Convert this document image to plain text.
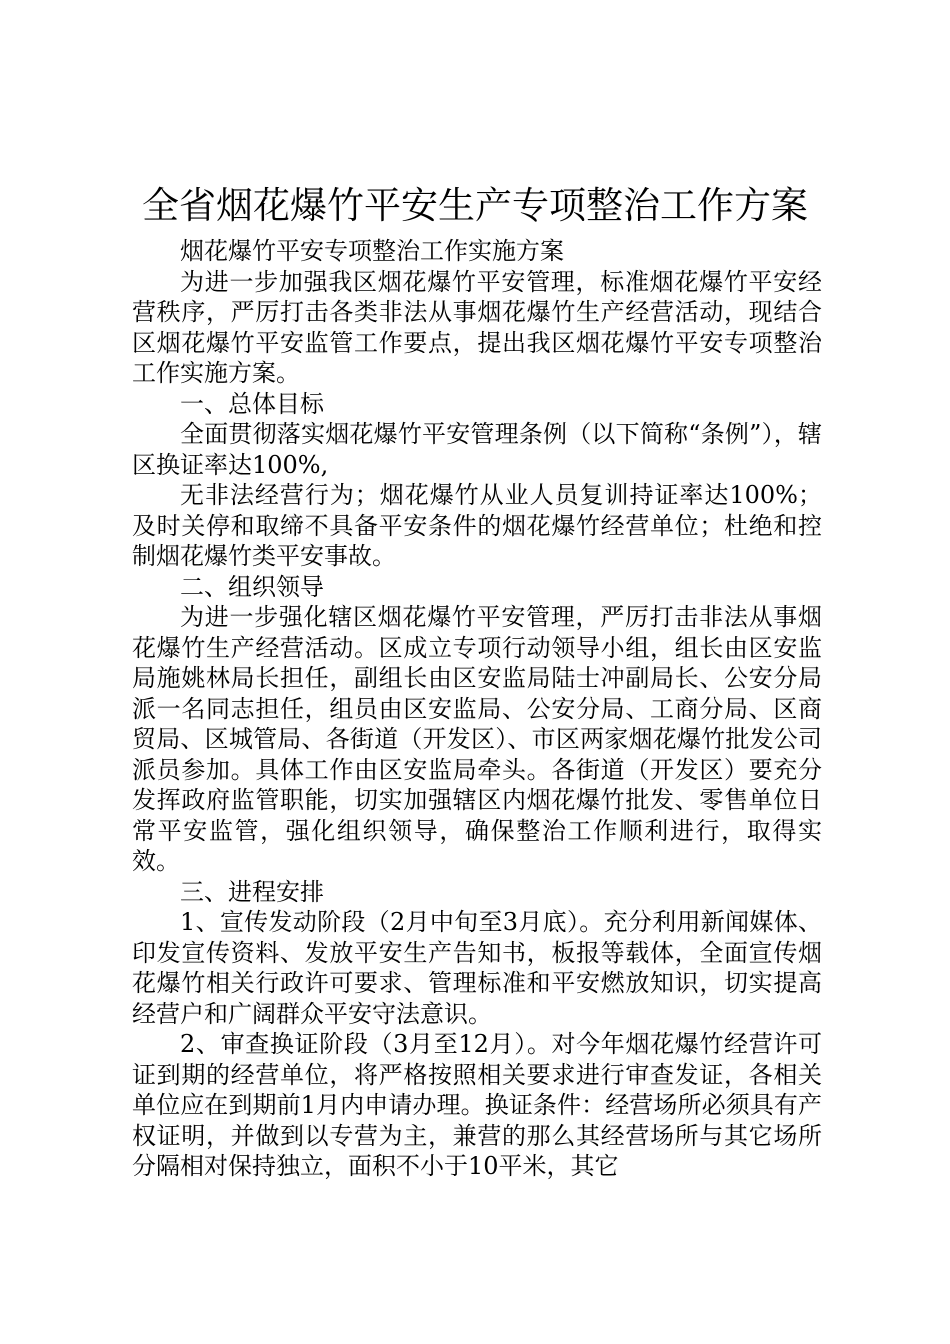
全省烟花爆竹平安生产专项整治工作方案

烟花爆竹平安专项整治工作实施方案

为进一步加强我区烟花爆竹平安管理，标准烟花爆竹平安经营秩序，严厉打击各类非法从事烟花爆竹生产经营活动，现结合区烟花爆竹平安监管工作要点，提出我区烟花爆竹平安专项整治工作实施方案。

一、总体目标

全面贯彻落实烟花爆竹平安管理条例（以下简称“条例”），辖区换证率达100%,

无非法经营行为；烟花爆竹从业人员复训持证率达100%；及时关停和取缔不具备平安条件的烟花爆竹经营单位；杜绝和控制烟花爆竹类平安事故。

二、组织领导

为进一步强化辖区烟花爆竹平安管理，严厉打击非法从事烟花爆竹生产经营活动。区成立专项行动领导小组，组长由区安监局施姚林局长担任，副组长由区安监局陆士冲副局长、公安分局派一名同志担任，组员由区安监局、公安分局、工商分局、区商贸局、区城管局、各街道（开发区）、市区两家烟花爆竹批发公司派员参加。具体工作由区安监局牵头。各街道（开发区）要充分发挥政府监管职能，切实加强辖区内烟花爆竹批发、零售单位日常平安监管，强化组织领导，确保整治工作顺利进行，取得实效。

三、进程安排

1、宣传发动阶段（2月中旬至3月底）。充分利用新闻媒体、印发宣传资料、发放平安生产告知书，板报等载体，全面宣传烟花爆竹相关行政许可要求、管理标准和平安燃放知识，切实提高经营户和广阔群众平安守法意识。

2、审查换证阶段（3月至12月）。对今年烟花爆竹经营许可证到期的经营单位，将严格按照相关要求进行审查发证，各相关单位应在到期前1月内申请办理。换证条件：经营场所必须具有产权证明，并做到以专营为主，兼营的那么其经营场所与其它场所分隔相对保持独立，面积不小于10平米，其它
